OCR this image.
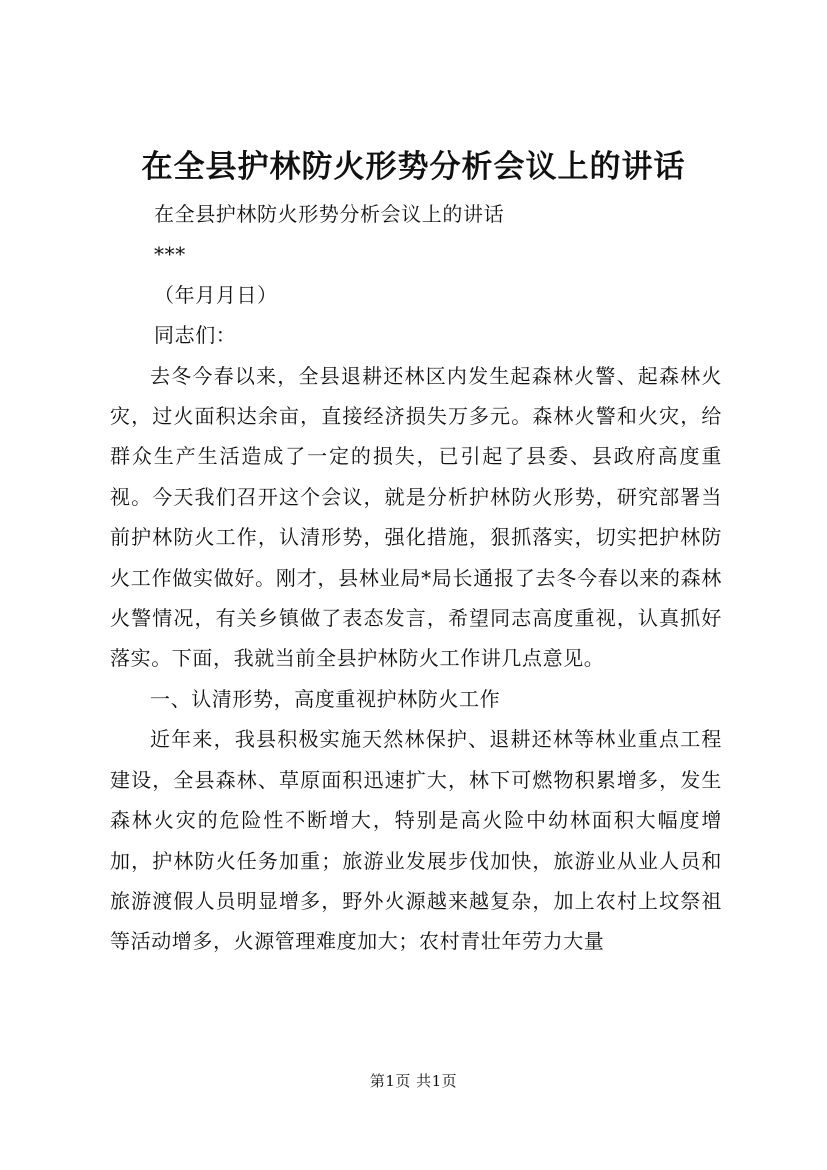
在全县护林防火形势分析会议上的讲话

在全县护林防火形势分析会议上的讲话

***

（年月月日）

同志们：

去冬今春以来，全县退耕还林区内发生起森林火警、起森林火灾，过火面积达余亩，直接经济损失万多元。森林火警和火灾，给群众生产生活造成了一定的损失，已引起了县委、县政府高度重视。今天我们召开这个会议，就是分析护林防火形势，研究部署当前护林防火工作，认清形势，强化措施，狠抓落实，切实把护林防火工作做实做好。刚才，县林业局*局长通报了去冬今春以来的森林火警情况，有关乡镇做了表态发言，希望同志高度重视，认真抓好落实。下面，我就当前全县护林防火工作讲几点意见。

一、认清形势，高度重视护林防火工作

近年来，我县积极实施天然林保护、退耕还林等林业重点工程建设，全县森林、草原面积迅速扩大，林下可燃物积累增多，发生森林火灾的危险性不断增大，特别是高火险中幼林面积大幅度增加，护林防火任务加重；旅游业发展步伐加快，旅游业从业人员和旅游渡假人员明显增多，野外火源越来越复杂，加上农村上坟祭祖等活动增多，火源管理难度加大；农村青壮年劳力大量

第1页 共1页
